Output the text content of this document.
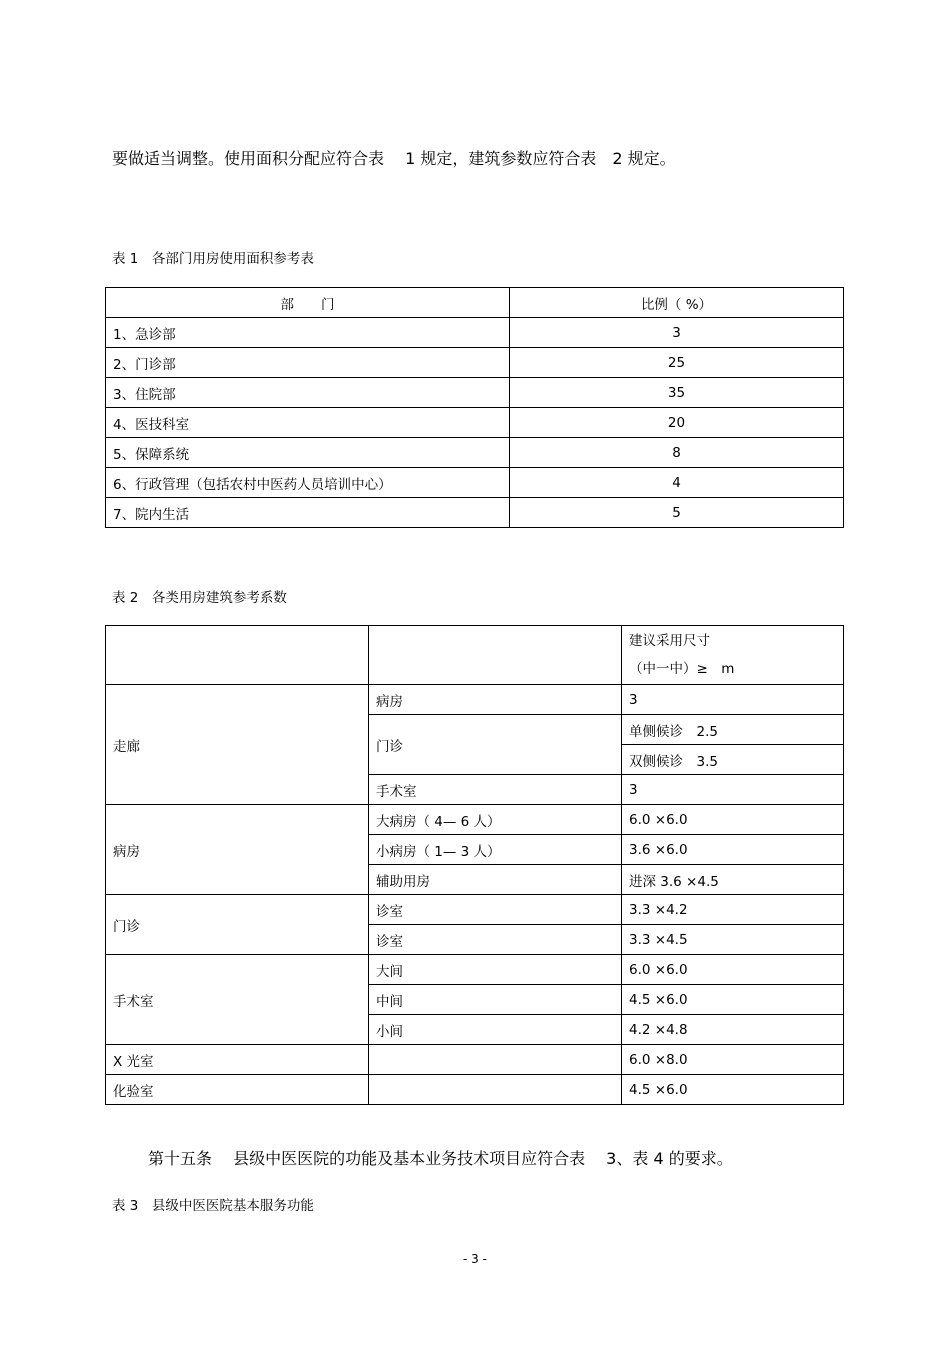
要做适当调整。使用面积分配应符合表　 1 规定，建筑参数应符合表　2 规定。
表 1　各部门用房使用面积参考表
部　　门	比例（ %）
1、急诊部	3
2、门诊部	25
3、住院部	35
4、医技科室	20
5、保障系统	8
6、行政管理（包括农村中医药人员培训中心）	4
7、院内生活	5
表 2　各类用房建筑参考系数

		建议采用尺寸
（中一中）≥　m

走廊	病房	3
	门诊	单侧候诊　2.5
		双侧候诊　3.5
	手术室	3
病房	大病房（ 4— 6 人）	6.0 ×6.0
	小病房（ 1— 3 人）	3.6 ×6.0
	辅助用房	进深 3.6 ×4.5
门诊	诊室	3.3 ×4.2
	诊室	3.3 ×4.5
手术室	大间	6.0 ×6.0
	中间	4.5 ×6.0
	小间	4.2 ×4.8
X 光室		6.0 ×8.0
化验室		4.5 ×6.0
第十五条　 县级中医医院的功能及基本业务技术项目应符合表　 3、表 4 的要求。
表 3　县级中医医院基本服务功能
- 3 -
